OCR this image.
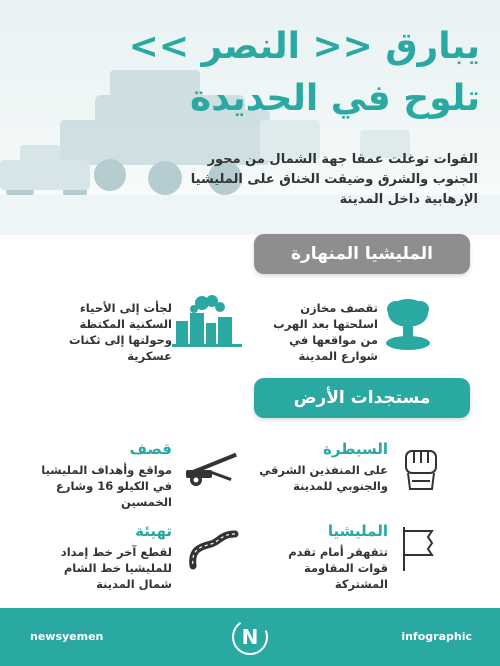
يبارق << النصر >>
تلوح في الحديدة
القوات توغلت عمقا جهة الشمال من محور الجنوب والشرق وضيقت الخناق على المليشيا الإرهابية داخل المدينة
المليشيا المنهارة
تقصف مخازن اسلحتها بعد الهرب من مواقعها في شوارع المدينة
لجأت إلى الأحياء السكنية المكتظة وحولتها إلى ثكنات عسكرية
مستجدات الأرض
السيطرة
على المنفذين الشرقي والجنوبي للمدينة
قصف
مواقع وأهداف المليشيا في الكيلو 16 وشارع الخمسين
المليشيا
تتقهقر أمام تقدم قوات المقاومة المشتركة
تهيئة
لقطع آخر خط إمداد للمليشيا خط الشام شمال المدينة
newsyemen	N	infographic
